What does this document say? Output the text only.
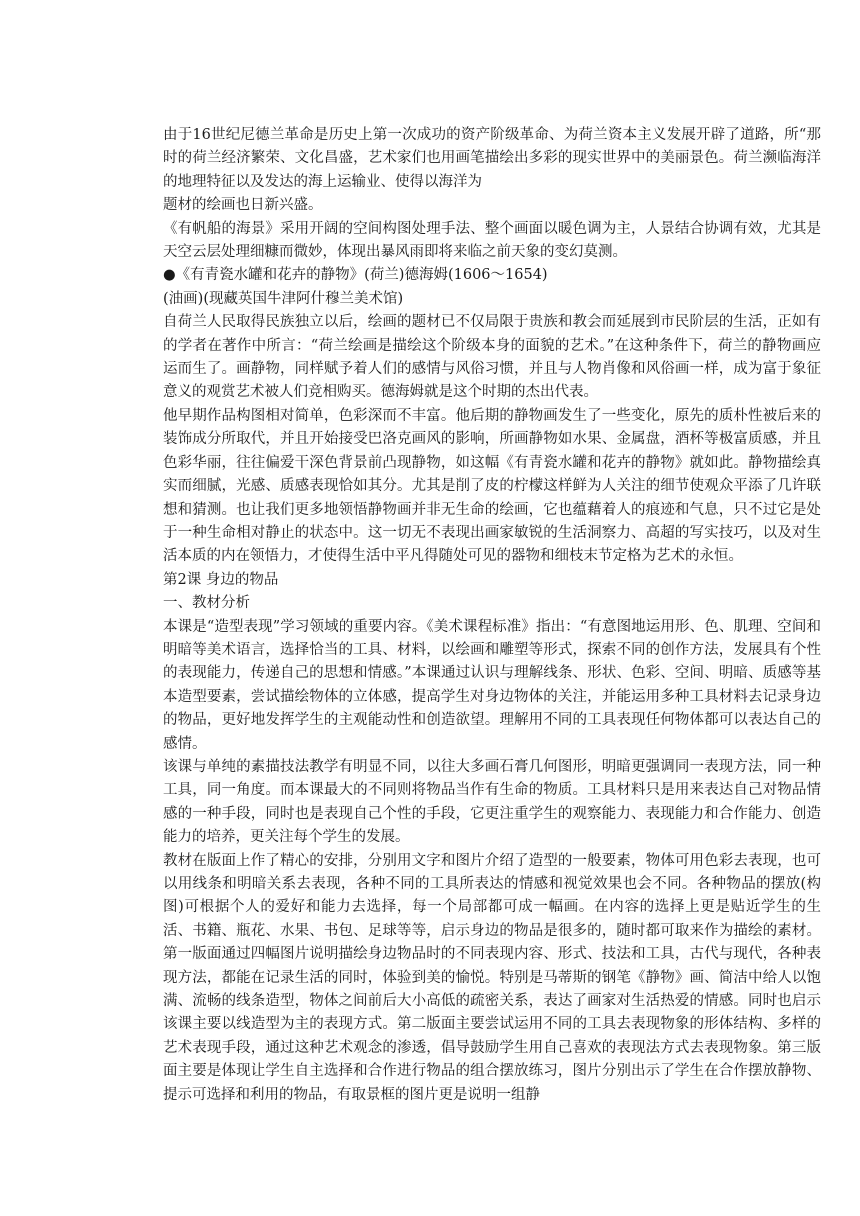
由于16世纪尼德兰革命是历史上第一次成功的资产阶级革命、为荷兰资本主义发展开辟了道路，所“那时的荷兰经济繁荣、文化昌盛，艺术家们也用画笔描绘出多彩的现实世界中的美丽景色。荷兰濒临海洋的地理特征以及发达的海上运输业、使得以海洋为

题材的绘画也日新兴盛。

《有帆船的海景》采用开阔的空间构图处理手法、整个画面以暖色调为主，人景结合协调有效，尤其是天空云层处理细糠而微妙，体现出暴风雨即将来临之前天象的变幻莫测。

●《有青瓷水罐和花卉的静物》(荷兰)德海姆(1606～1654)

(油画)(现藏英国牛津阿什穆兰美术馆)

自荷兰人民取得民族独立以后，绘画的题材已不仅局限于贵族和教会而延展到市民阶层的生活，正如有的学者在著作中所言：“荷兰绘画是描绘这个阶级本身的面貌的艺术。”在这种条件下，荷兰的静物画应运而生了。画静物，同样赋予着人们的感情与风俗习惯，并且与人物肖像和风俗画一样，成为富于象征意义的观赏艺术被人们竞相购买。德海姆就是这个时期的杰出代表。

他早期作品构图相对简单，色彩深而不丰富。他后期的静物画发生了一些变化，原先的质朴性被后来的装饰成分所取代，并且开始接受巴洛克画风的影响，所画静物如水果、金属盘，酒杯等极富质感，并且色彩华丽，往往偏爱干深色背景前凸现静物，如这幅《有青瓷水罐和花卉的静物》就如此。静物描绘真实而细腻，光感、质感表现恰如其分。尤其是削了皮的柠檬这样鲜为人关注的细节使观众平添了几许联想和猜测。也让我们更多地领悟静物画并非无生命的绘画，它也蕴藉着人的痕迹和气息，只不过它是处于一种生命相对静止的状态中。这一切无不表现出画家敏锐的生活洞察力、高超的写实技巧，以及对生活本质的内在领悟力，才使得生活中平凡得随处可见的器物和细枝末节定格为艺术的永恒。

第2课 身边的物品

一、教材分析

本课是“造型表现”学习领域的重要内容。《美术课程标准》指出：“有意图地运用形、色、肌理、空间和明暗等美术语言，选择恰当的工具、材料，以绘画和雕塑等形式，探索不同的创作方法，发展具有个性的表现能力，传递自己的思想和情感。”本课通过认识与理解线条、形状、色彩、空间、明暗、质感等基本造型要素，尝试描绘物体的立体感，提高学生对身边物体的关注，并能运用多种工具材料去记录身边的物品，更好地发挥学生的主观能动性和创造欲望。理解用不同的工具表现任何物体都可以表达自己的感情。

该课与单纯的素描技法教学有明显不同，以往大多画石膏几何图形，明暗更强调同一表现方法，同一种工具，同一角度。而本课最大的不同则将物品当作有生命的物质。工具材料只是用来表达自己对物品情感的一种手段，同时也是表现自己个性的手段，它更注重学生的观察能力、表现能力和合作能力、创造能力的培养，更关注每个学生的发展。

教材在版面上作了精心的安排，分别用文字和图片介绍了造型的一般要素，物体可用色彩去表现，也可以用线条和明暗关系去表现，各种不同的工具所表达的情感和视觉效果也会不同。各种物品的摆放(构图)可根据个人的爱好和能力去选择，每一个局部都可成一幅画。在内容的选择上更是贴近学生的生活、书籍、瓶花、水果、书包、足球等等，启示身边的物品是很多的，随时都可取来作为描绘的素材。第一版面通过四幅图片说明描绘身边物品时的不同表现内容、形式、技法和工具，古代与现代，各种表现方法，都能在记录生活的同时，体验到美的愉悦。特别是马蒂斯的钢笔《静物》画、简洁中给人以饱满、流畅的线条造型，物体之间前后大小高低的疏密关系，表达了画家对生活热爱的情感。同时也启示该课主要以线造型为主的表现方式。第二版面主要尝试运用不同的工具去表现物象的形体结构、多样的艺术表现手段，通过这种艺术观念的渗透，倡导鼓励学生用自己喜欢的表现法方式去表现物象。第三版面主要是体现让学生自主选择和合作进行物品的组合摆放练习，图片分别出示了学生在合作摆放静物、提示可选择和利用的物品，有取景框的图片更是说明一组静
